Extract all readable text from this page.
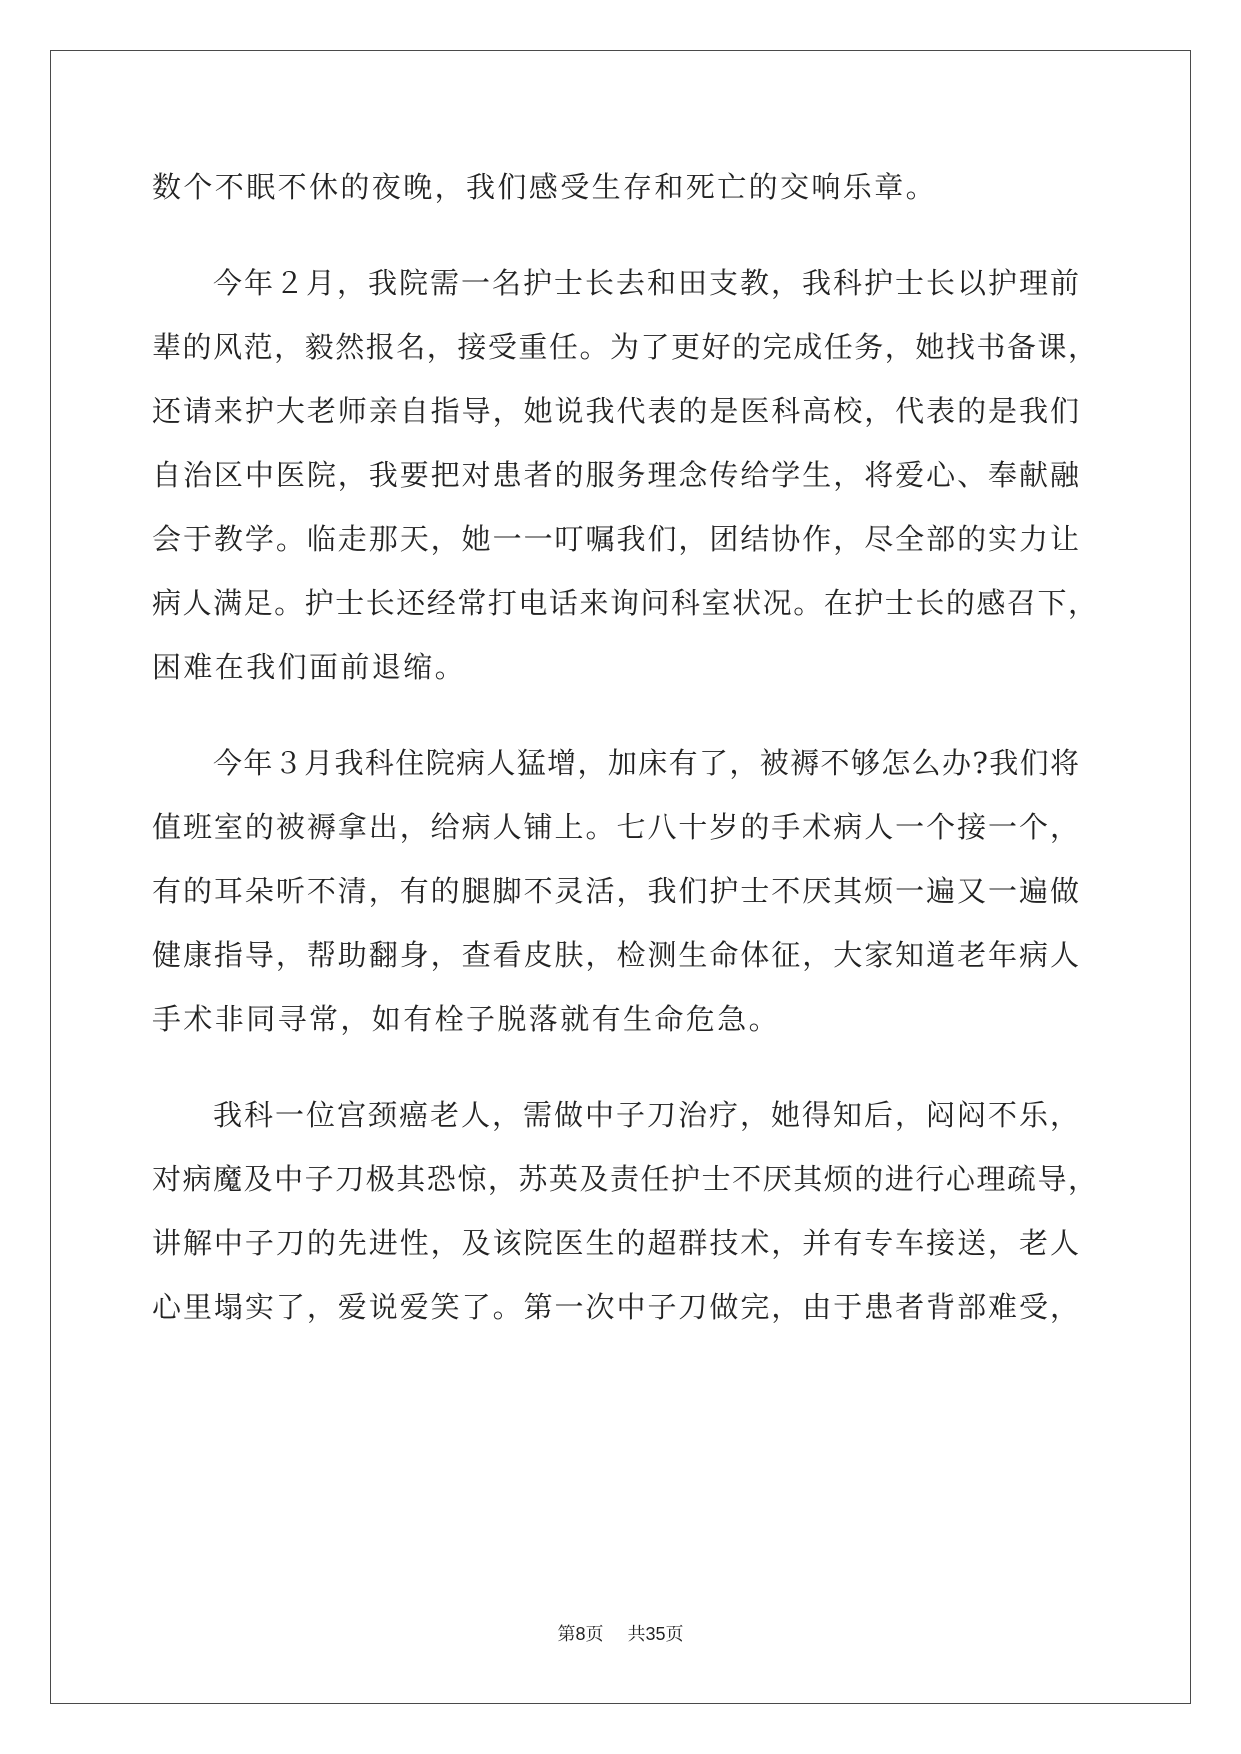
数个不眠不休的夜晚，我们感受生存和死亡的交响乐章。
今年２月，我院需一名护士长去和田支教，我科护士长以护理前
辈的风范，毅然报名，接受重任。为了更好的完成任务，她找书备课，
还请来护大老师亲自指导，她说我代表的是医科高校，代表的是我们
自治区中医院，我要把对患者的服务理念传给学生，将爱心、奉献融
会于教学。临走那天，她一一叮嘱我们，团结协作，尽全部的实力让
病人满足。护士长还经常打电话来询问科室状况。在护士长的感召下，
困难在我们面前退缩。
今年３月我科住院病人猛增，加床有了，被褥不够怎么办?我们将
值班室的被褥拿出，给病人铺上。七八十岁的手术病人一个接一个，
有的耳朵听不清，有的腿脚不灵活，我们护士不厌其烦一遍又一遍做
健康指导，帮助翻身，查看皮肤，检测生命体征，大家知道老年病人
手术非同寻常，如有栓子脱落就有生命危急。
我科一位宫颈癌老人，需做中子刀治疗，她得知后，闷闷不乐，
对病魔及中子刀极其恐惊，苏英及责任护士不厌其烦的进行心理疏导，
讲解中子刀的先进性，及该院医生的超群技术，并有专车接送，老人
心里塌实了，爱说爱笑了。第一次中子刀做完，由于患者背部难受，
第8页 共35页
